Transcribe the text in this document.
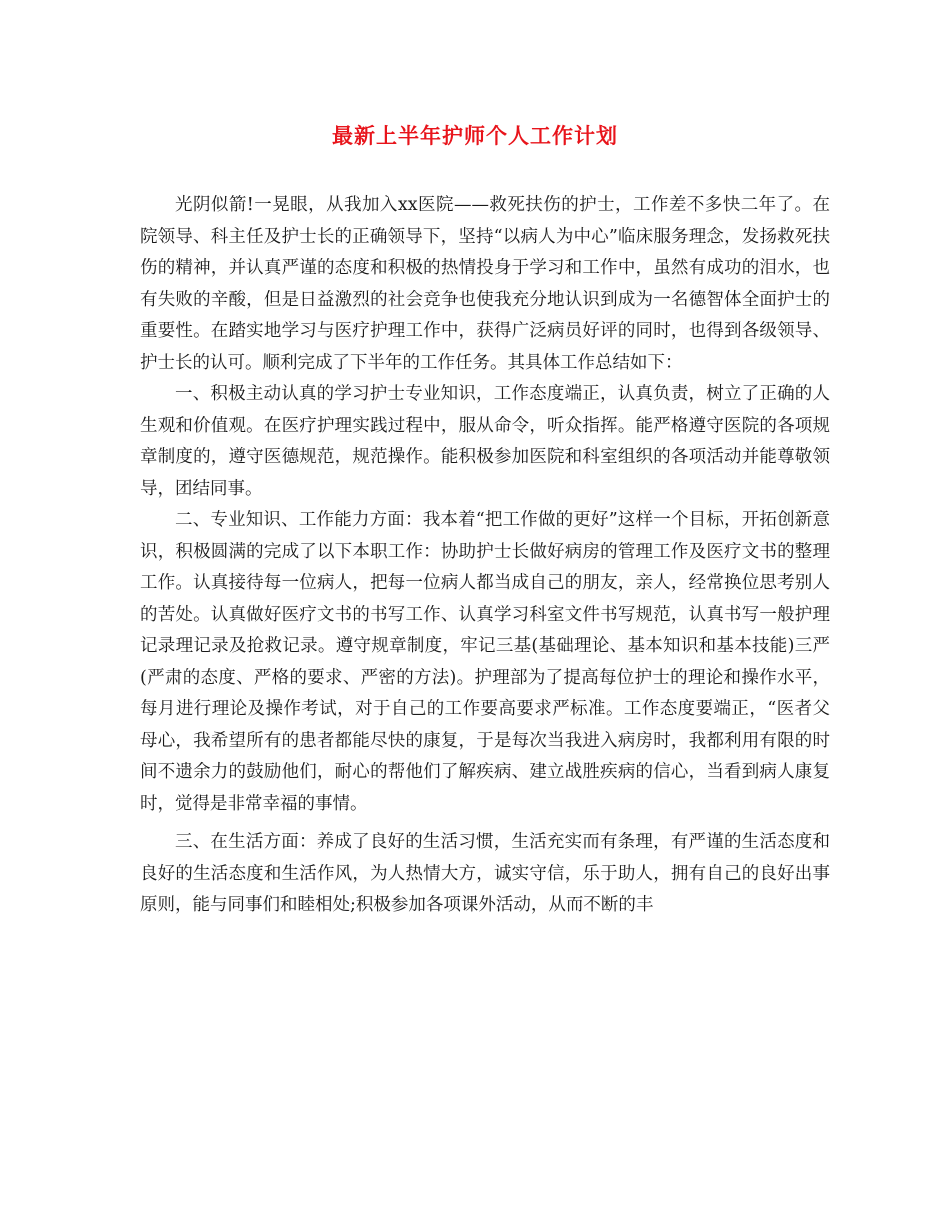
最新上半年护师个人工作计划

光阴似箭!一晃眼，从我加入xx医院——救死扶伤的护士，工作差不多快二年了。在院领导、科主任及护士长的正确领导下，坚持“以病人为中心”临床服务理念，发扬救死扶伤的精神，并认真严谨的态度和积极的热情投身于学习和工作中，虽然有成功的泪水，也有失败的辛酸，但是日益激烈的社会竞争也使我充分地认识到成为一名德智体全面护士的重要性。在踏实地学习与医疗护理工作中，获得广泛病员好评的同时，也得到各级领导、护士长的认可。顺利完成了下半年的工作任务。其具体工作总结如下：

一、积极主动认真的学习护士专业知识，工作态度端正，认真负责，树立了正确的人生观和价值观。在医疗护理实践过程中，服从命令，听众指挥。能严格遵守医院的各项规章制度的，遵守医德规范，规范操作。能积极参加医院和科室组织的各项活动并能尊敬领导，团结同事。

二、专业知识、工作能力方面：我本着“把工作做的更好”这样一个目标，开拓创新意识，积极圆满的完成了以下本职工作：协助护士长做好病房的管理工作及医疗文书的整理工作。认真接待每一位病人，把每一位病人都当成自己的朋友，亲人，经常换位思考别人的苦处。认真做好医疗文书的书写工作、认真学习科室文件书写规范，认真书写一般护理记录理记录及抢救记录。遵守规章制度，牢记三基(基础理论、基本知识和基本技能)三严(严肃的态度、严格的要求、严密的方法)。护理部为了提高每位护士的理论和操作水平，每月进行理论及操作考试，对于自己的工作要高要求严标准。工作态度要端正，“医者父母心，我希望所有的患者都能尽快的康复，于是每次当我进入病房时，我都利用有限的时间不遗余力的鼓励他们，耐心的帮他们了解疾病、建立战胜疾病的信心，当看到病人康复时，觉得是非常幸福的事情。

三、在生活方面：养成了良好的生活习惯，生活充实而有条理，有严谨的生活态度和良好的生活态度和生活作风，为人热情大方，诚实守信，乐于助人，拥有自己的良好出事原则，能与同事们和睦相处;积极参加各项课外活动，从而不断的丰
